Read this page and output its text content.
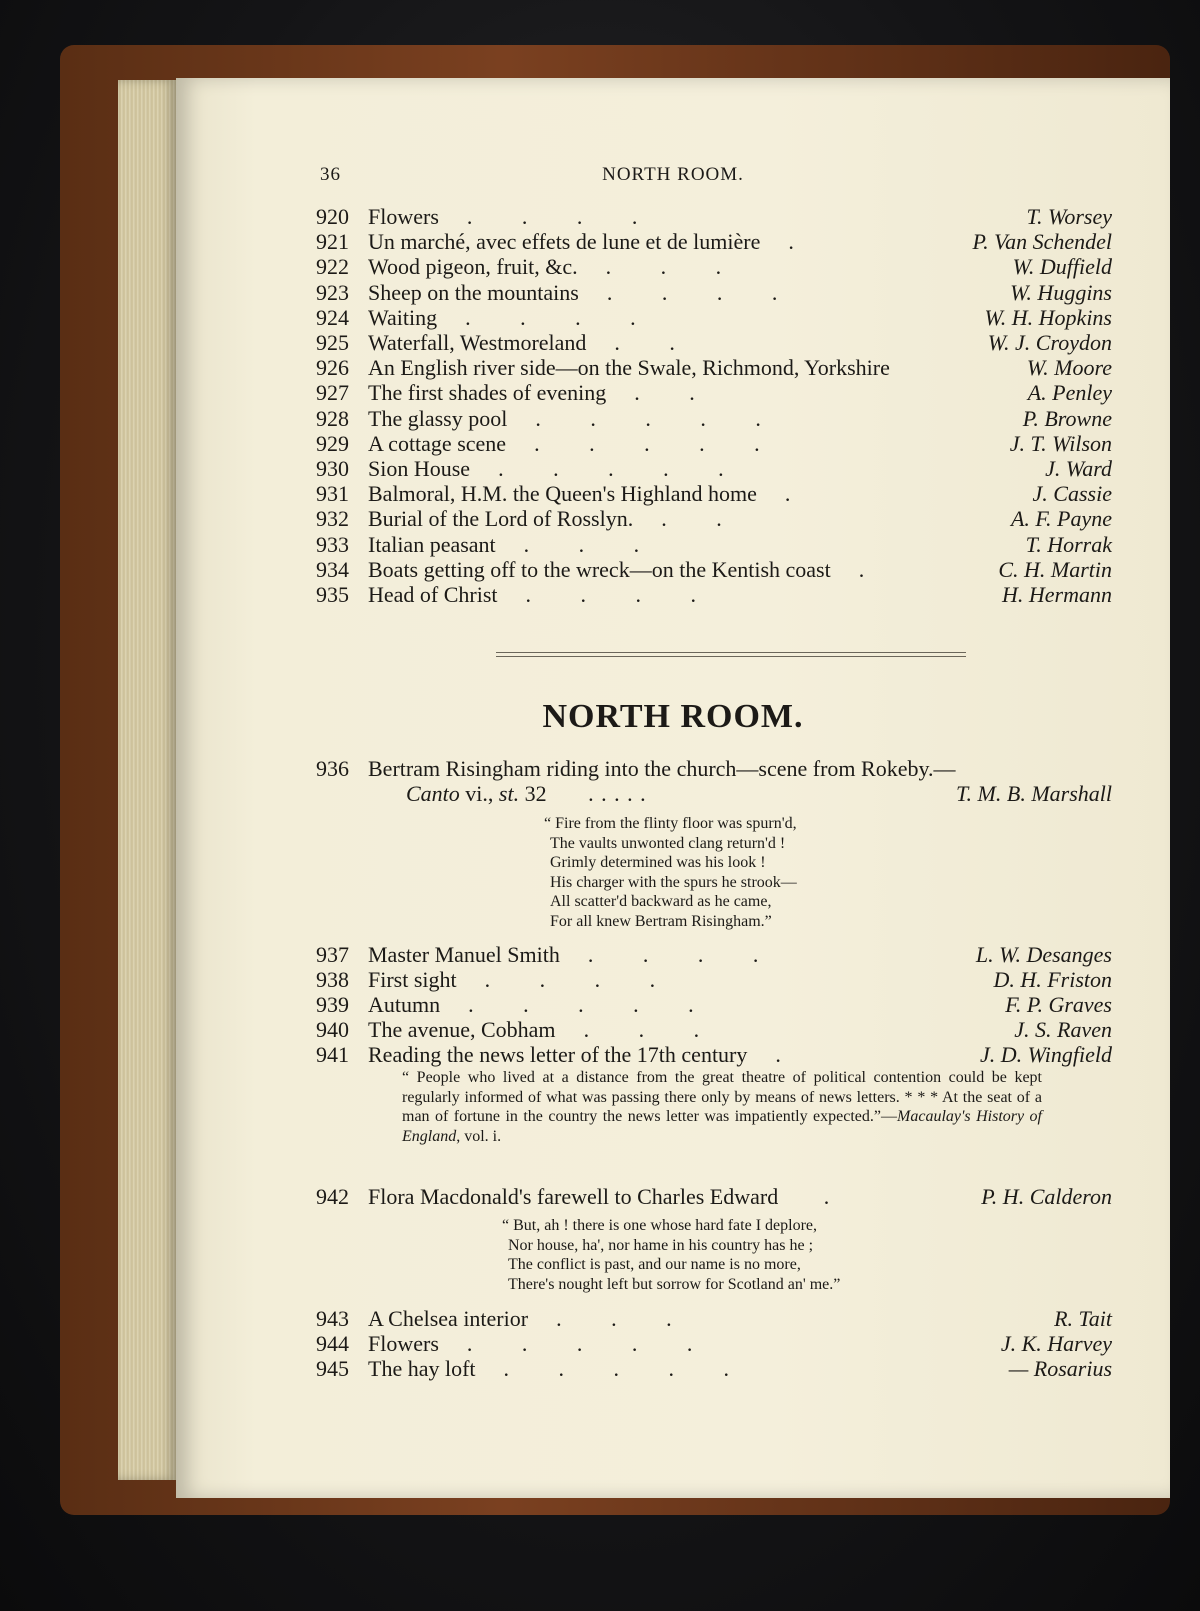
36	NORTH ROOM.
920 Flowers .         .         .         .	T. Worsey
921 Un marché, avec effets de lune et de lumière .	P. Van Schendel
922 Wood pigeon, fruit, &c. .         .         .	W. Duffield
923 Sheep on the mountains .         .         .         .	W. Huggins
924 Waiting .         .         .         .	W. H. Hopkins
925 Waterfall, Westmoreland .         .	W. J. Croydon
926 An English river side—on the Swale, Richmond, Yorkshire	W. Moore
927 The first shades of evening .         .	A. Penley
928 The glassy pool .         .         .         .         .	P. Browne
929 A cottage scene .         .         .         .         .	J. T. Wilson
930 Sion House .         .         .         .         .	J. Ward
931 Balmoral, H.M. the Queen's Highland home .	J. Cassie
932 Burial of the Lord of Rosslyn. .         .	A. F. Payne
933 Italian peasant .         .         .	T. Horrak
934 Boats getting off to the wreck—on the Kentish coast .	C. H. Martin
935 Head of Christ .         .         .         .	H. Hermann
NORTH ROOM.
936 Bertram Risingham riding into the church—scene from Rokeby.—
Canto vi., st. 32 . . . . .	T. M. B. Marshall
“ Fire from the flinty floor was spurn'd,
The vaults unwonted clang return'd !
Grimly determined was his look !
His charger with the spurs he strook—
All scatter'd backward as he came,
For all knew Bertram Risingham.”
937 Master Manuel Smith .         .         .         .	L. W. Desanges
938 First sight .         .         .         .	D. H. Friston
939 Autumn .         .         .         .         .	F. P. Graves
940 The avenue, Cobham .         .         .	J. S. Raven
941 Reading the news letter of the 17th century .	J. D. Wingfield
“ People who lived at a distance from the great theatre of political contention could be kept regularly informed of what was passing there only by means of news letters. * * * At the seat of a man of fortune in the country the news letter was impatiently expected.”—Macaulay's History of England, vol. i.
942 Flora Macdonald's farewell to Charles Edward .	P. H. Calderon
“ But, ah ! there is one whose hard fate I deplore,
Nor house, ha', nor hame in his country has he ;
The conflict is past, and our name is no more,
There's nought left but sorrow for Scotland an' me.”
943 A Chelsea interior .         .         .	R. Tait
944 Flowers .         .         .         .         .	J. K. Harvey
945 The hay loft .         .         .         .         .	— Rosarius
